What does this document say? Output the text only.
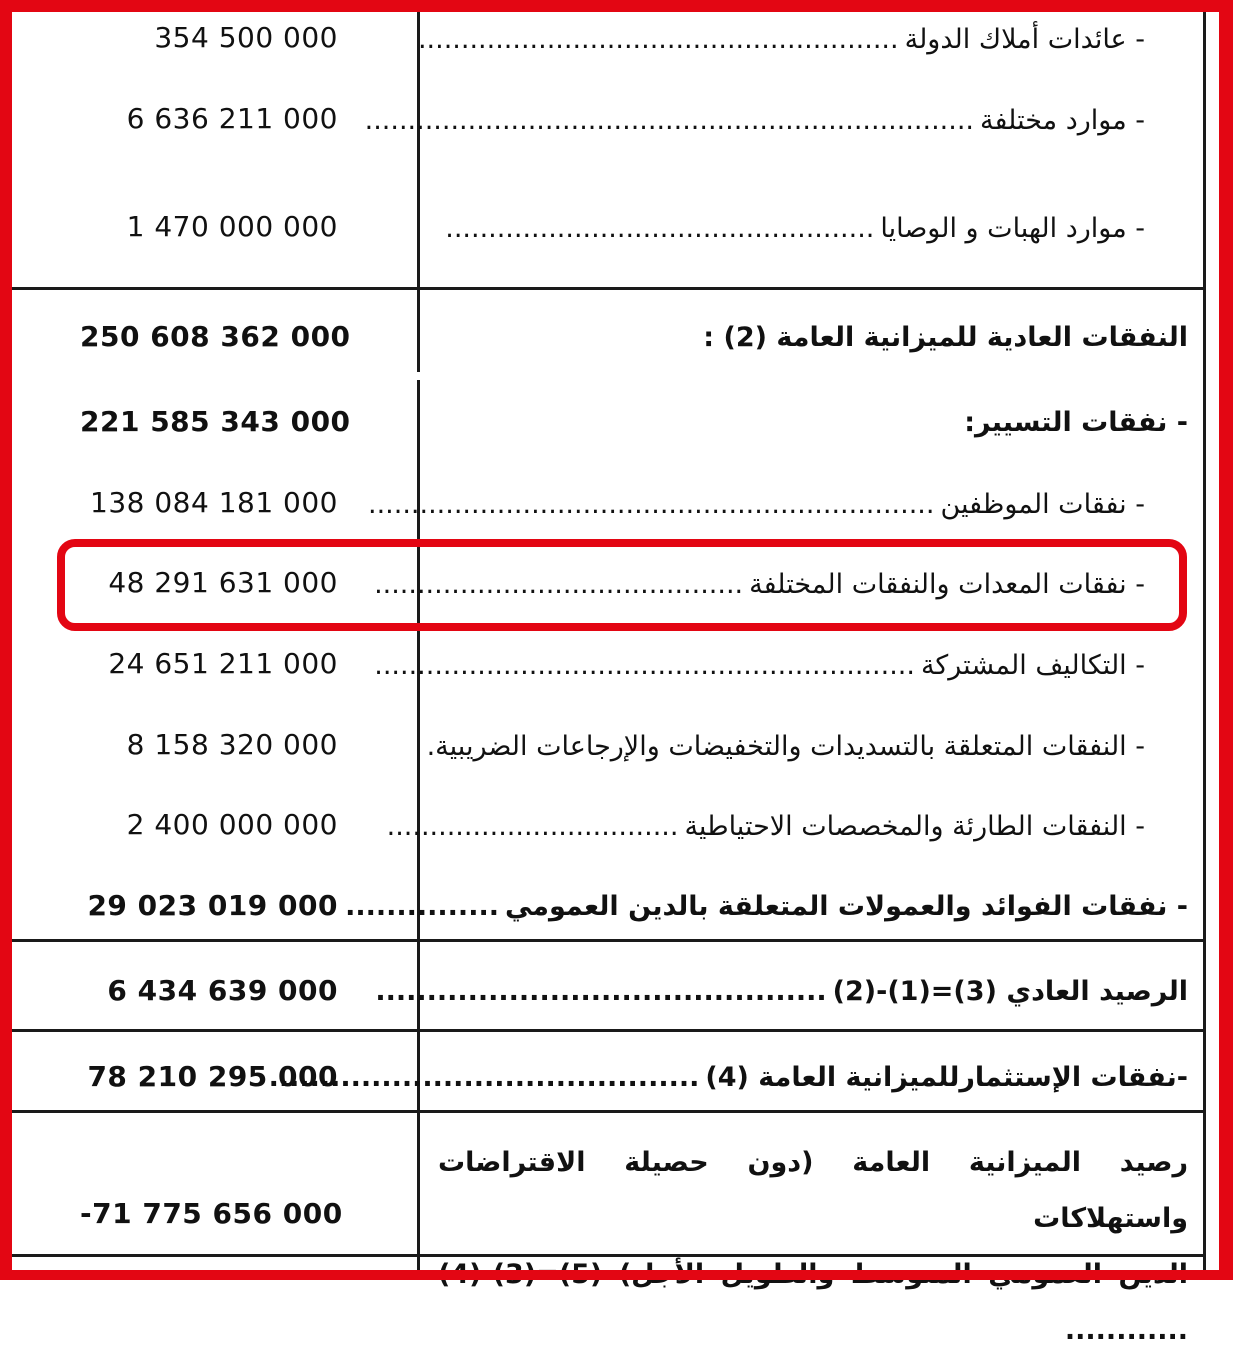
- عائدات أملاك الدولة........................................................
354 500 000
- موارد مختلفة.......................................................................
6 636 211 000
- موارد الهبات و الوصايا..................................................
1 470 000 000
النفقات العادية للميزانية العامة (2) :
250 608 362 000
- نفقات التسيير:
221 585 343 000
- نفقات الموظفين..................................................................
138 084 181 000
- نفقات المعدات والنفقات المختلفة...........................................
48 291 631 000
- التكاليف المشتركة...............................................................
24 651 211 000
- النفقات المتعلقة بالتسديدات والتخفيضات والإرجاعات الضريبية.
8 158 320 000
- النفقات الطارئة والمخصصات الاحتياطية..................................
2 400 000 000
- نفقات الفوائد والعمولات المتعلقة بالدين العمومي...............
29 023 019 000
الرصيد العادي (3)=(1)-(2)............................................
6 434 639 000
-نفقات الإستثمارللميزانية العامة (4)..........................................
78 210 295 000
رصيد الميزانية العامة (دون حصيلة الاقتراضات واستهلاكات
الدين العمومي المتوسط والطويل الأجل) (5)=(3)-(4) ............
-71 775 656 000
